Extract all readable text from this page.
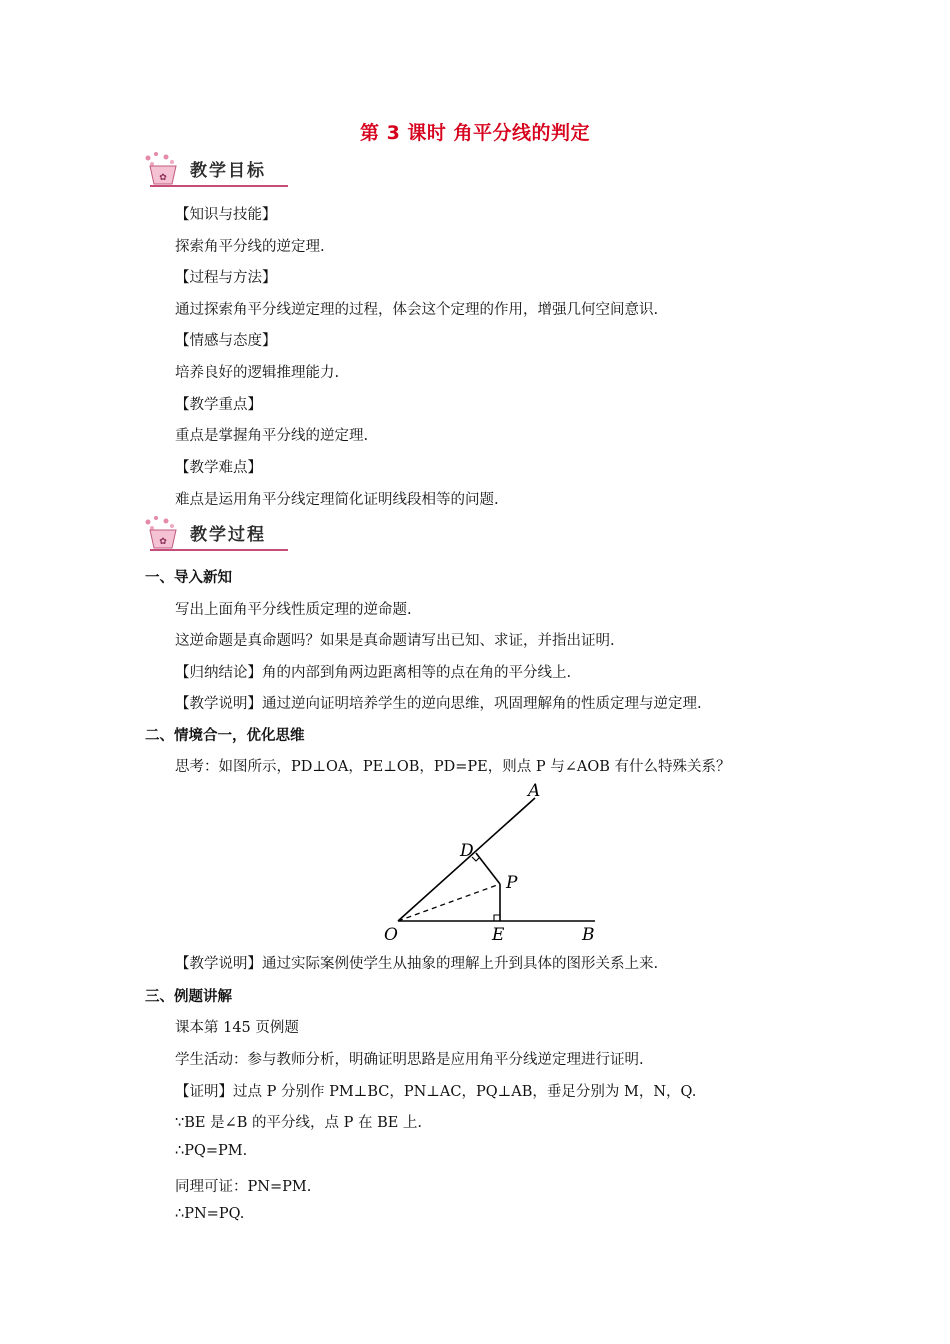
第 3 课时 角平分线的判定
✿ 教学目标
【知识与技能】
探索角平分线的逆定理.
【过程与方法】
通过探索角平分线逆定理的过程，体会这个定理的作用，增强几何空间意识.
【情感与态度】
培养良好的逻辑推理能力.
【教学重点】
重点是掌握角平分线的逆定理.
【教学难点】
难点是运用角平分线定理简化证明线段相等的问题.
✿ 教学过程
一、导入新知
写出上面角平分线性质定理的逆命题.
这逆命题是真命题吗？如果是真命题请写出已知、求证，并指出证明.
【归纳结论】角的内部到角两边距离相等的点在角的平分线上.
【教学说明】通过逆向证明培养学生的逆向思维，巩固理解角的性质定理与逆定理.
二、情境合一，优化思维
思考：如图所示，PD⊥OA，PE⊥OB，PD=PE，则点 P 与∠AOB 有什么特殊关系？
A
D
P
O	E	B
【教学说明】通过实际案例使学生从抽象的理解上升到具体的图形关系上来.
三、例题讲解
课本第 145 页例题
学生活动：参与教师分析，明确证明思路是应用角平分线逆定理进行证明.
【证明】过点 P 分别作 PM⊥BC，PN⊥AC，PQ⊥AB，垂足分别为 M，N，Q.
∵BE 是∠B 的平分线，点 P 在 BE 上.
∴PQ=PM.
同理可证：PN=PM.
∴PN=PQ.
